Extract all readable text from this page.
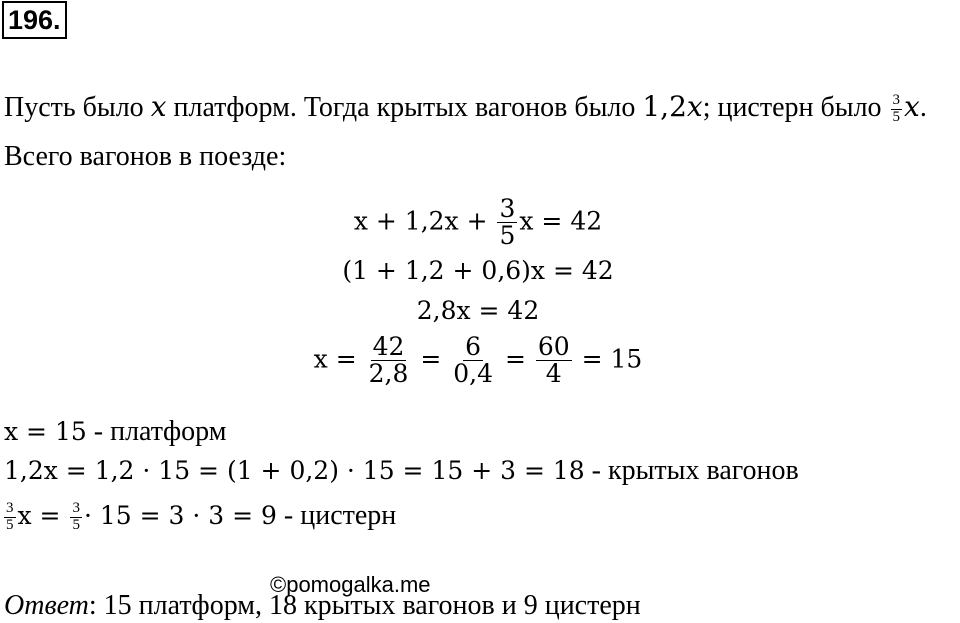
196.
Пусть было x платформ. Тогда крытых вагонов было 1,2x; цистерн было $\frac{3}{5} x$.
Всего вагонов в поезде:
$x + 1,2x + \frac{3}{5}$ x = 42
(1 + 1,2 + 0,6)x = 42
2,8x = 42
$x = \frac{42}{2,8} = \frac{6}{0,4} = \frac{60}{4} = 15$
x = 15 - платформ
1,2x = 1,2 · 15 = (1 + 0,2) · 15 = 15 + 3 = 18 - крытых вагонов
$\frac{3}{5}$ $x = \frac{3}{5} \cdot 15 = 3 \cdot 3 = 9$ - цистерн
©pomogalka.me
Ответ: 15 платформ, 18 крытых вагонов и 9 цистерн
